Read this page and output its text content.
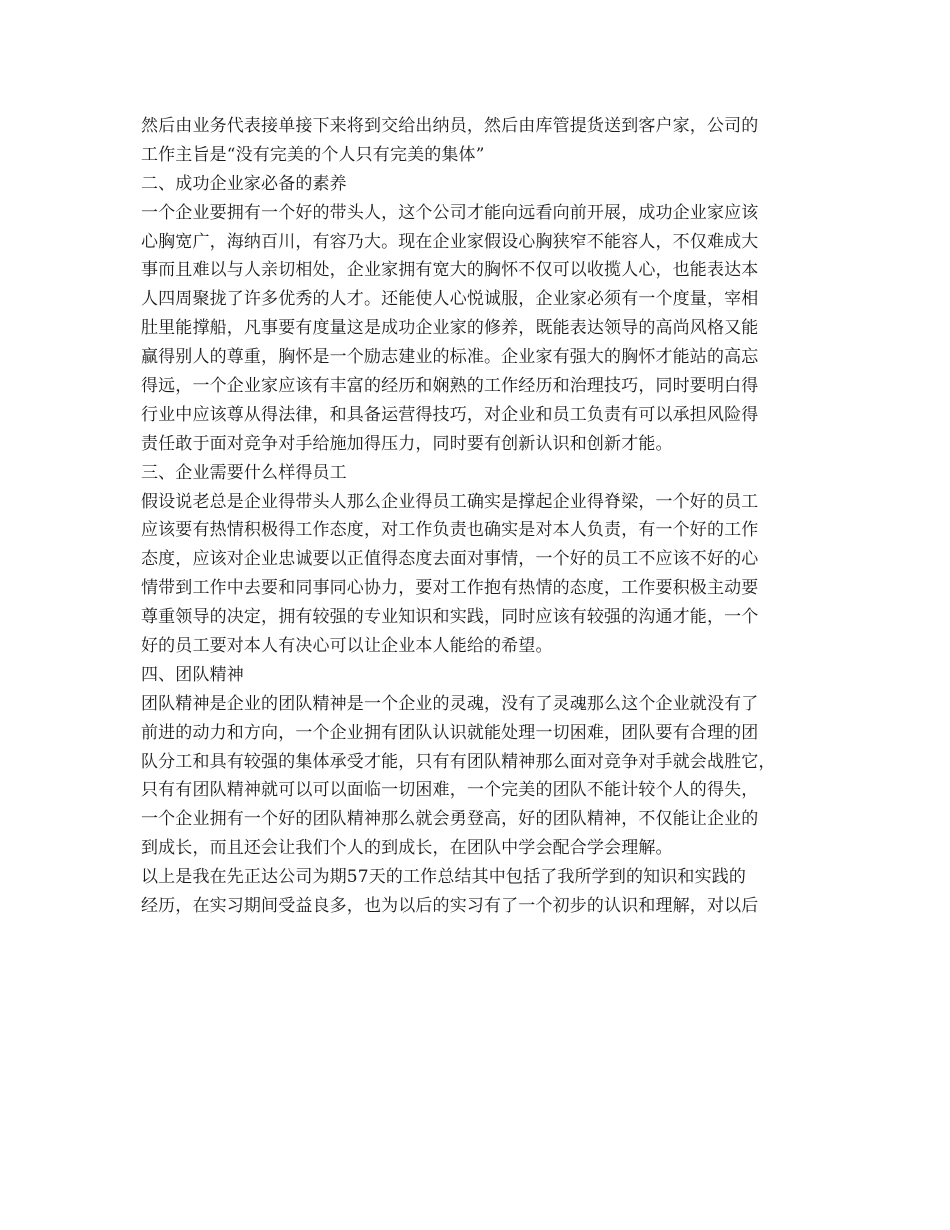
然后由业务代表接单接下来将到交给出纳员，然后由库管提货送到客户家，公司的
工作主旨是“没有完美的个人只有完美的集体”
二、成功企业家必备的素养
一个企业要拥有一个好的带头人，这个公司才能向远看向前开展，成功企业家应该
心胸宽广，海纳百川，有容乃大。现在企业家假设心胸狭窄不能容人，不仅难成大
事而且难以与人亲切相处，企业家拥有宽大的胸怀不仅可以收揽人心，也能表达本
人四周聚拢了许多优秀的人才。还能使人心悦诚服，企业家必须有一个度量，宰相
肚里能撑船，凡事要有度量这是成功企业家的修养，既能表达领导的高尚风格又能
赢得别人的尊重，胸怀是一个励志建业的标准。企业家有强大的胸怀才能站的高忘
得远，一个企业家应该有丰富的经历和娴熟的工作经历和治理技巧，同时要明白得
行业中应该尊从得法律，和具备运营得技巧，对企业和员工负责有可以承担风险得
责任敢于面对竞争对手给施加得压力，同时要有创新认识和创新才能。
三、企业需要什么样得员工
假设说老总是企业得带头人那么企业得员工确实是撑起企业得脊梁，一个好的员工
应该要有热情积极得工作态度，对工作负责也确实是对本人负责，有一个好的工作
态度，应该对企业忠诚要以正值得态度去面对事情，一个好的员工不应该不好的心
情带到工作中去要和同事同心协力，要对工作抱有热情的态度，工作要积极主动要
尊重领导的决定，拥有较强的专业知识和实践，同时应该有较强的沟通才能，一个
好的员工要对本人有决心可以让企业本人能给的希望。
四、团队精神
团队精神是企业的团队精神是一个企业的灵魂，没有了灵魂那么这个企业就没有了
前进的动力和方向，一个企业拥有团队认识就能处理一切困难，团队要有合理的团
队分工和具有较强的集体承受才能，只有有团队精神那么面对竞争对手就会战胜它，
只有有团队精神就可以可以面临一切困难，一个完美的团队不能计较个人的得失，
一个企业拥有一个好的团队精神那么就会勇登高，好的团队精神，不仅能让企业的
到成长，而且还会让我们个人的到成长，在团队中学会配合学会理解。
以上是我在先正达公司为期57天的工作总结其中包括了我所学到的知识和实践的
经历，在实习期间受益良多，也为以后的实习有了一个初步的认识和理解，对以后
